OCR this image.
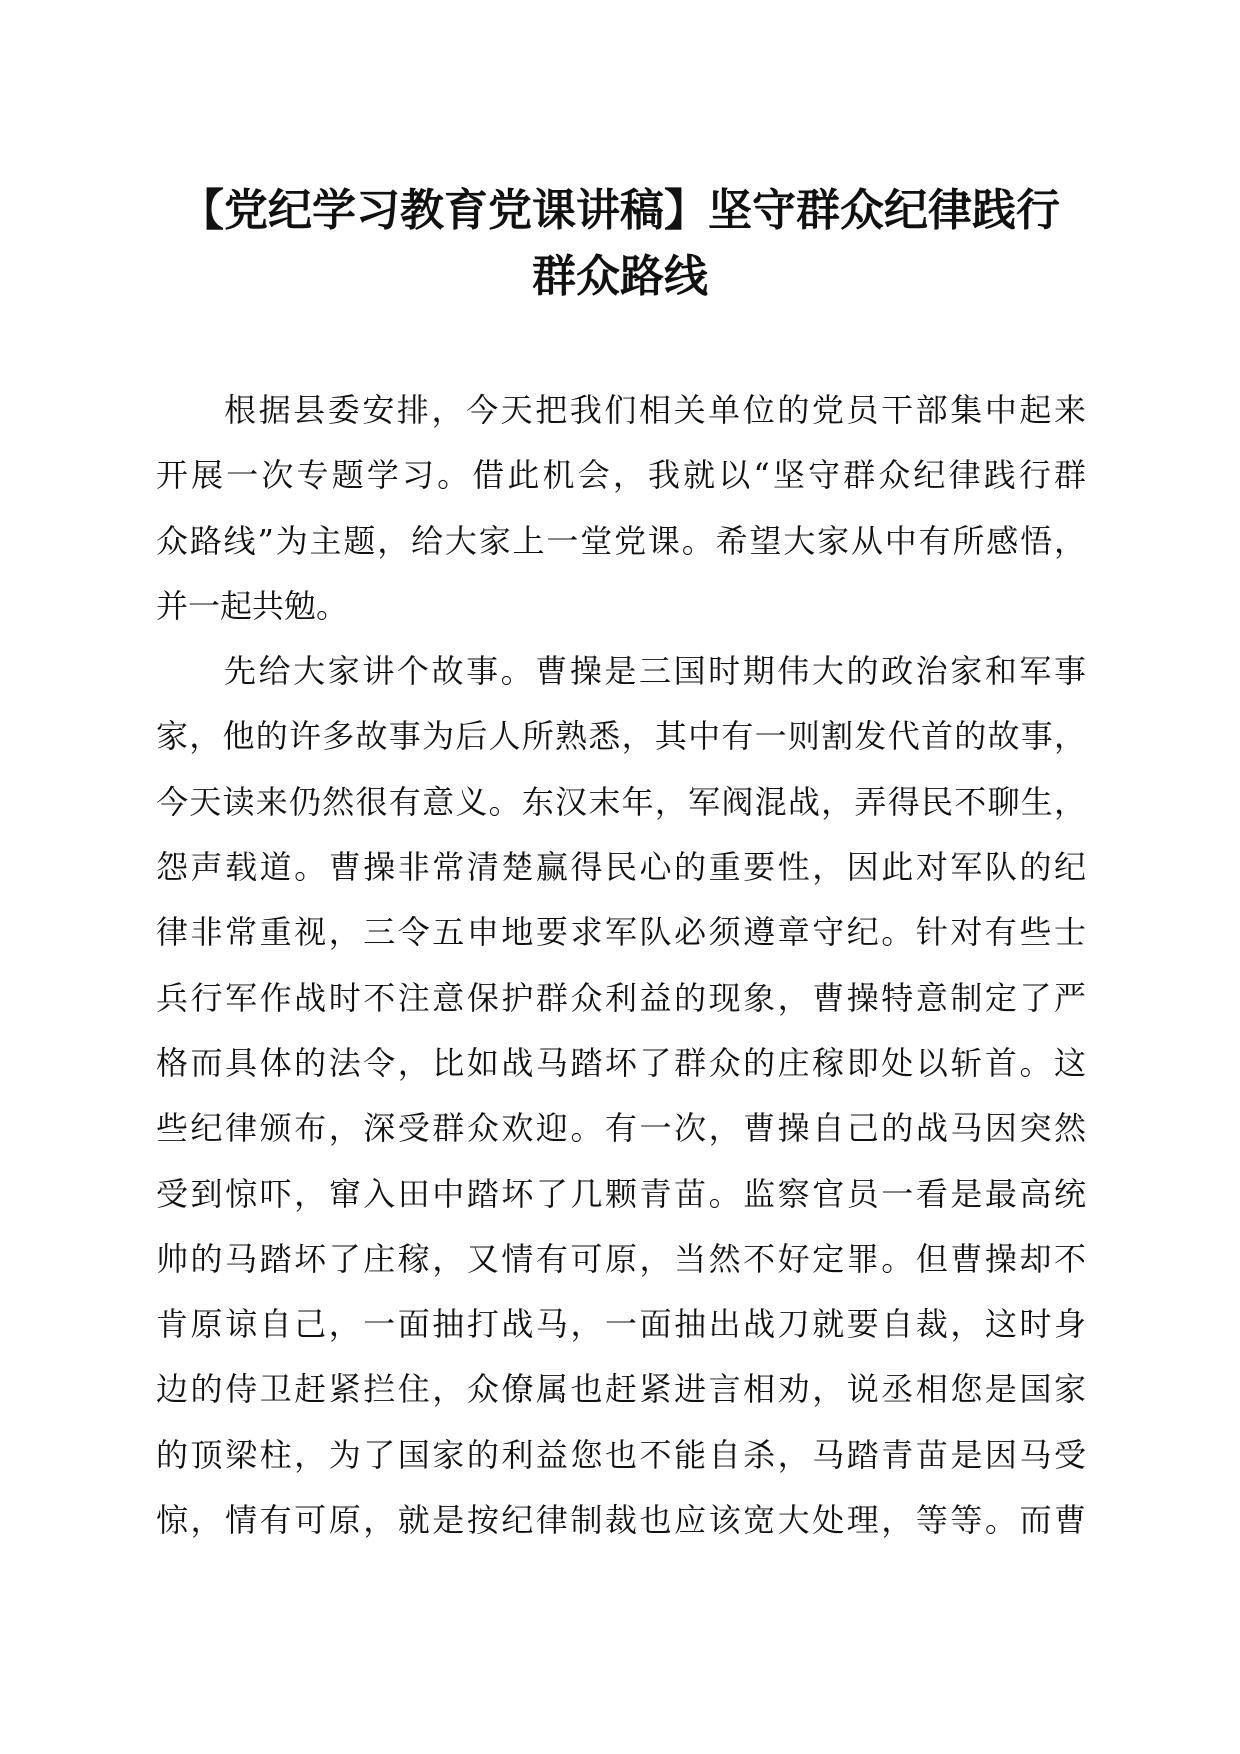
【党纪学习教育党课讲稿】坚守群众纪律践行
群众路线
根据县委安排，今天把我们相关单位的党员干部集中起来
开展一次专题学习。借此机会，我就以“坚守群众纪律践行群
众路线”为主题，给大家上一堂党课。希望大家从中有所感悟，
并一起共勉。
先给大家讲个故事。曹操是三国时期伟大的政治家和军事
家，他的许多故事为后人所熟悉，其中有一则割发代首的故事，
今天读来仍然很有意义。东汉末年，军阀混战，弄得民不聊生，
怨声载道。曹操非常清楚赢得民心的重要性，因此对军队的纪
律非常重视，三令五申地要求军队必须遵章守纪。针对有些士
兵行军作战时不注意保护群众利益的现象，曹操特意制定了严
格而具体的法令，比如战马踏坏了群众的庄稼即处以斩首。这
些纪律颁布，深受群众欢迎。有一次，曹操自己的战马因突然
受到惊吓，窜入田中踏坏了几颗青苗。监察官员一看是最高统
帅的马踏坏了庄稼，又情有可原，当然不好定罪。但曹操却不
肯原谅自己，一面抽打战马，一面抽出战刀就要自裁，这时身
边的侍卫赶紧拦住，众僚属也赶紧进言相劝，说丞相您是国家
的顶梁柱，为了国家的利益您也不能自杀，马踏青苗是因马受
惊，情有可原，就是按纪律制裁也应该宽大处理，等等。而曹
